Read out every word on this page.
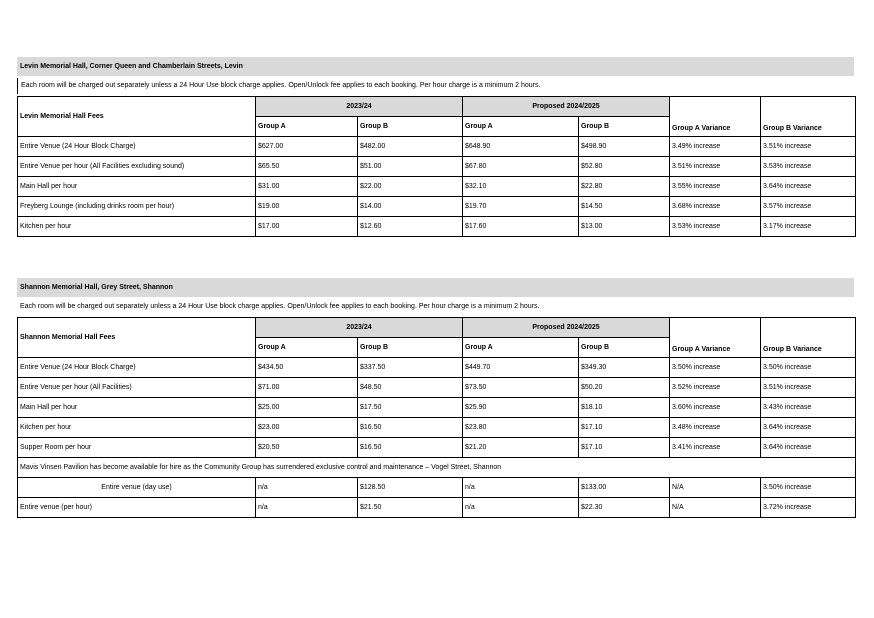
Levin Memorial Hall, Corner Queen and Chamberlain Streets, Levin
Each room will be charged out separately unless a 24 Hour Use block charge applies. Open/Unlock fee applies to each booking. Per hour charge is a minimum 2 hours.
Levin Memorial Hall Fees	2023/24		Proposed 2024/2025		Group A Variance	Group B Variance
	Group A	Group B	Group A	Group B		
Entire Venue (24 Hour Block Charge)	$627.00	$482.00	$648.90	$498.90	3.49% increase	3.51% increase
Entire Venue per hour (All Facilities excluding sound)	$65.50	$51.00	$67.80	$52.80	3.51% increase	3.53% increase
Main Hall per hour	$31.00	$22.00	$32.10	$22.80	3.55% increase	3.64% increase
Freyberg Lounge (including drinks room per hour)	$19.00	$14.00	$19.70	$14.50	3.68% increase	3.57% increase
Kitchen per hour	$17.00	$12.60	$17.60	$13.00	3.53% increase	3.17% increase
Shannon Memorial Hall, Grey Street, Shannon
Each room will be charged out separately unless a 24 Hour Use block charge applies. Open/Unlock fee applies to each booking. Per hour charge is a minimum 2 hours.
Shannon Memorial Hall Fees	2023/24		Proposed 2024/2025		Group A Variance	Group B Variance
	Group A	Group B	Group A	Group B		
Entire Venue (24 Hour Block Charge)	$434.50	$337.50	$449.70	$349.30	3.50% increase	3.50% increase
Entire Venue per hour (All Facilities)	$71.00	$48.50	$73.50	$50.20	3.52% increase	3.51% increase
Main Hall per hour	$25.00	$17.50	$25.90	$18.10	3.60% increase	3.43% increase
Kitchen per hour	$23.00	$16.50	$23.80	$17.10	3.48% increase	3.64% increase
Supper Room per hour	$20.50	$16.50	$21.20	$17.10	3.41% increase	3.64% increase
Mavis Vinsen Pavilion has become available for hire as the Community Group has surrendered exclusive control and maintenance – Vogel Street, Shannon						
Entire venue (day use)	n/a	$128.50	n/a	$133.00	N/A	3.50% increase
Entire venue (per hour)	n/a	$21.50	n/a	$22.30	N/A	3.72% increase
